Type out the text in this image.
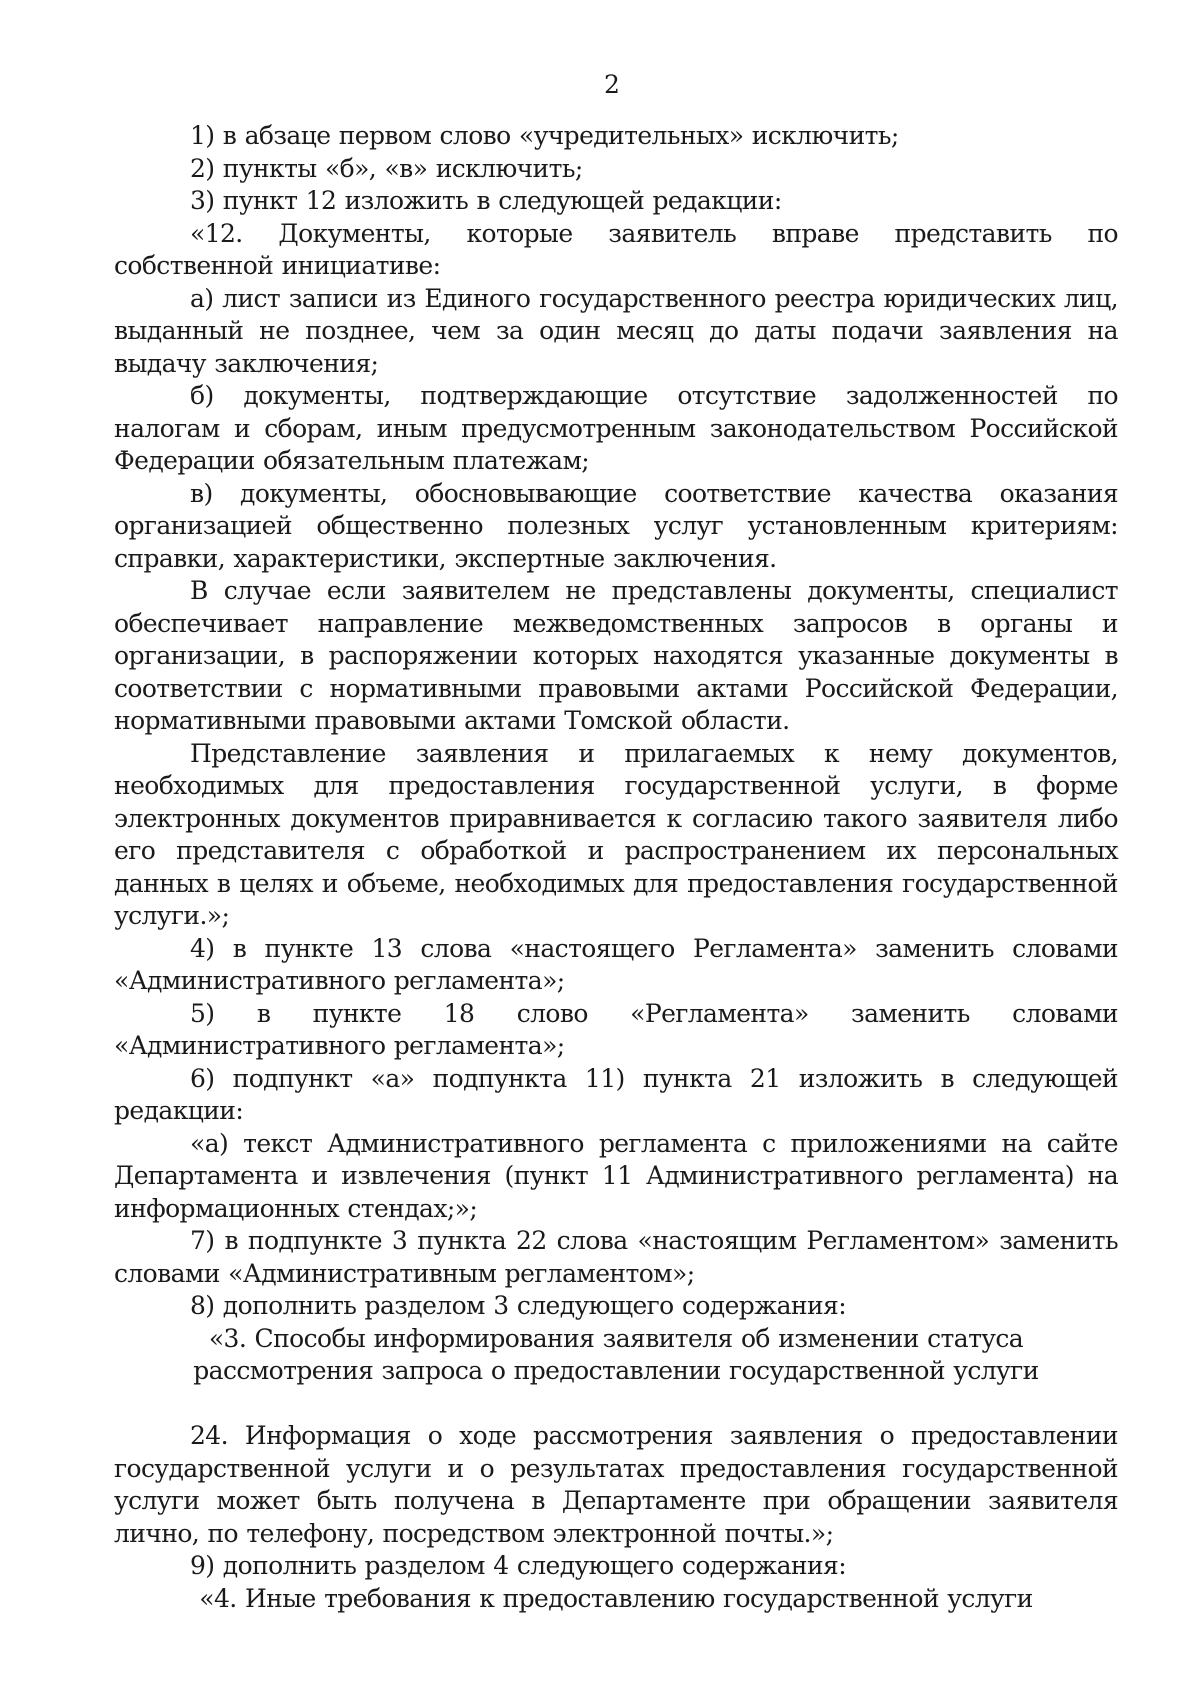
2

1) в абзаце первом слово «учредительных» исключить;

2) пункты «б», «в» исключить;

3) пункт 12 изложить в следующей редакции:

«12. Документы, которые заявитель вправе представить по собственной инициативе:

а) лист записи из Единого государственного реестра юридических лиц, выданный не позднее, чем за один месяц до даты подачи заявления на выдачу заключения;

б) документы, подтверждающие отсутствие задолженностей по налогам и сборам, иным предусмотренным законодательством Российской Федерации обязательным платежам;

в) документы, обосновывающие соответствие качества оказания организацией общественно полезных услуг установленным критериям: справки, характеристики, экспертные заключения.

В случае если заявителем не представлены документы, специалист обеспечивает направление межведомственных запросов в органы и организации, в распоряжении которых находятся указанные документы в соответствии с нормативными правовыми актами Российской Федерации, нормативными правовыми актами Томской области.

Представление заявления и прилагаемых к нему документов, необходимых для предоставления государственной услуги, в форме электронных документов приравнивается к согласию такого заявителя либо его представителя с обработкой и распространением их персональных данных в целях и объеме, необходимых для предоставления государственной услуги.»;

4) в пункте 13 слова «настоящего Регламента» заменить словами «Административного регламента»;

5) в пункте 18 слово «Регламента» заменить словами «Административного регламента»;

6) подпункт «а» подпункта 11) пункта 21 изложить в следующей редакции:

«а) текст Административного регламента с приложениями на сайте Департамента и извлечения (пункт 11 Административного регламента) на информационных стендах;»;

7) в подпункте 3 пункта 22 слова «настоящим Регламентом» заменить словами «Административным регламентом»;

8) дополнить разделом 3 следующего содержания:

«3. Способы информирования заявителя об изменении статуса

рассмотрения запроса о предоставлении государственной услуги

24. Информация о ходе рассмотрения заявления о предоставлении государственной услуги и о результатах предоставления государственной услуги может быть получена в Департаменте при обращении заявителя лично, по телефону, посредством электронной почты.»;

9) дополнить разделом 4 следующего содержания:

«4. Иные требования к предоставлению государственной услуги
